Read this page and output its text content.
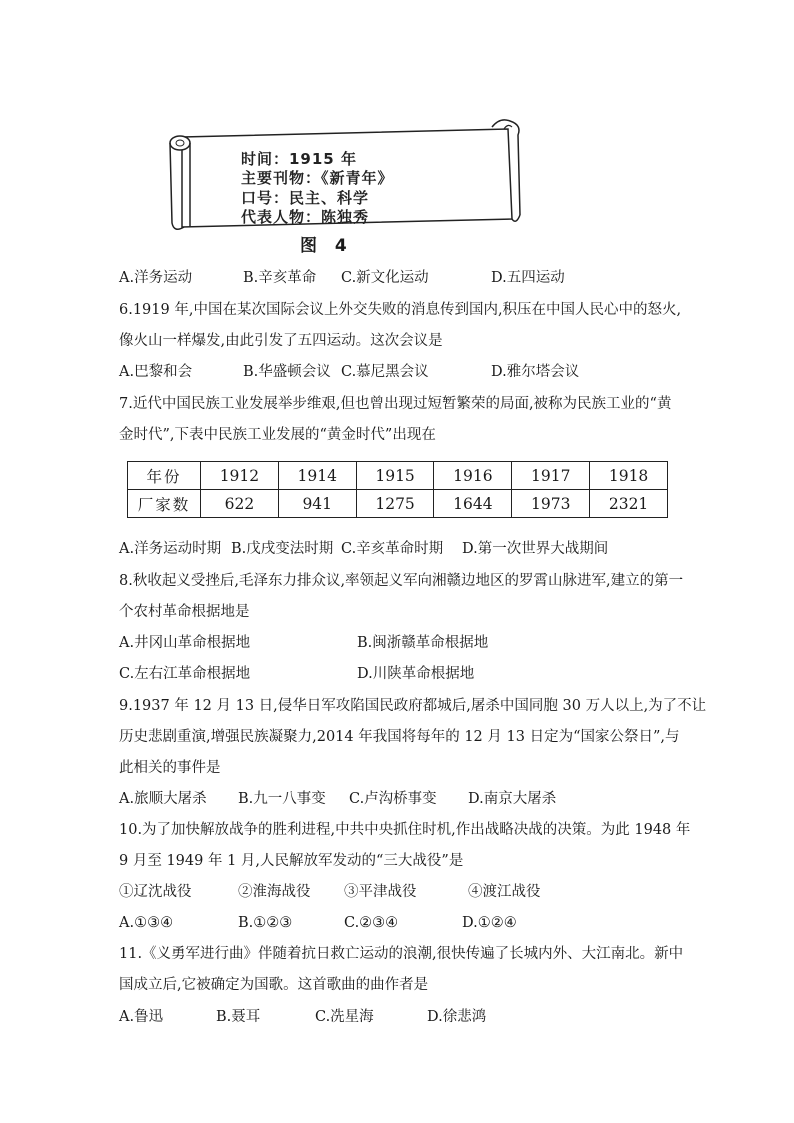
时间：1915 年
主要刊物：《新青年》
口号：民主、科学
代表人物：陈独秀
图 4
A.洋务运动	B.辛亥革命 C.新文化运动	D.五四运动
6.1919 年,中国在某次国际会议上外交失败的消息传到国内,积压在中国人民心中的怒火,
像火山一样爆发,由此引发了五四运动。这次会议是
A.巴黎和会	B.华盛顿会议 C.慕尼黑会议	D.雅尔塔会议
7.近代中国民族工业发展举步维艰,但也曾出现过短暂繁荣的局面,被称为民族工业的“黄
金时代”,下表中民族工业发展的“黄金时代”出现在
年份	1912	1914	1915	1916	1917	1918
厂家数	622	941	1275	1644	1973	2321
A.洋务运动时期 B.戊戌变法时期 C.辛亥革命时期 D.第一次世界大战期间
8.秋收起义受挫后,毛泽东力排众议,率领起义军向湘赣边地区的罗霄山脉进军,建立的第一
个农村革命根据地是
A.井冈山革命根据地	B.闽浙赣革命根据地
C.左右江革命根据地	D.川陕革命根据地
9.1937 年 12 月 13 日,侵华日军攻陷国民政府都城后,屠杀中国同胞 30 万人以上,为了不让
历史悲剧重演,增强民族凝聚力,2014 年我国将每年的 12 月 13 日定为“国家公祭日”,与
此相关的事件是
A.旅顺大屠杀 B.九一八事变 C.卢沟桥事变 D.南京大屠杀
10.为了加快解放战争的胜利进程,中共中央抓住时机,作出战略决战的决策。为此 1948 年
9 月至 1949 年 1 月,人民解放军发动的“三大战役”是
①辽沈战役	②淮海战役 ③平津战役	④渡江战役
A.①③④	B.①②③	C.②③④	D.①②④
11.《义勇军进行曲》伴随着抗日救亡运动的浪潮,很快传遍了长城内外、大江南北。新中
国成立后,它被确定为国歌。这首歌曲的曲作者是
A.鲁迅	B.聂耳	C.冼星海	D.徐悲鸿
